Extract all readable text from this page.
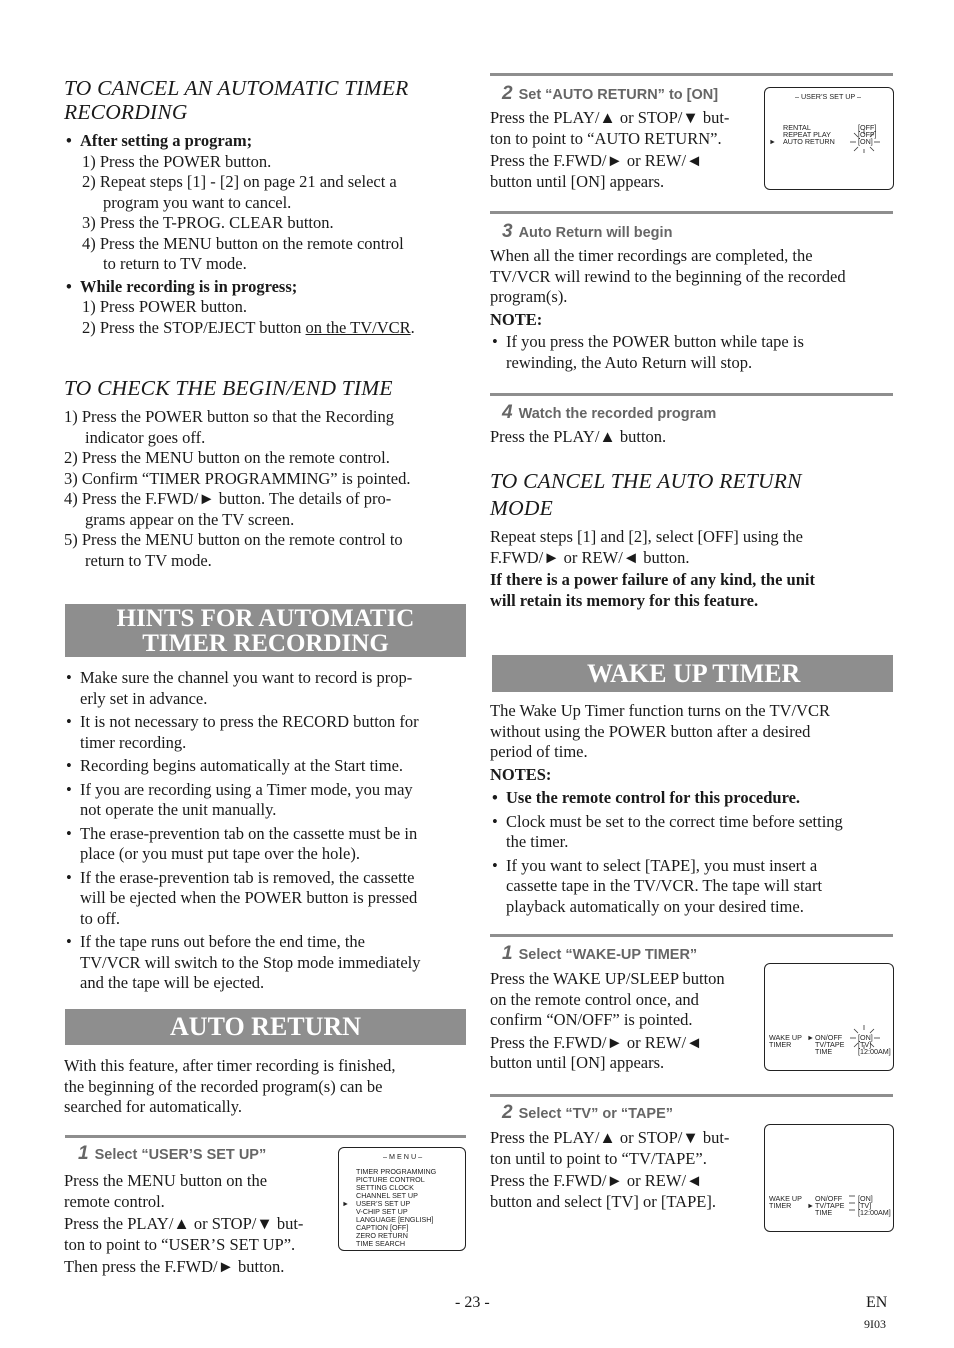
TO CANCEL AN AUTOMATIC TIMER
RECORDING
• After setting a program;
1) Press the POWER button.
2) Repeat steps [1] - [2] on page 21 and select a
program you want to cancel.
3) Press the T-PROG. CLEAR button.
4) Press the MENU button on the remote control
to return to TV mode.
• While recording is in progress;
1) Press POWER button.
2) Press the STOP/EJECT button on the TV/VCR.
TO CHECK THE BEGIN/END TIME
1) Press the POWER button so that the Recording
indicator goes off.
2) Press the MENU button on the remote control.
3) Confirm “TIMER PROGRAMMING” is pointed.
4) Press the F.FWD/► button. The details of pro-
grams appear on the TV screen.
5) Press the MENU button on the remote control to
return to TV mode.
HINTS FOR AUTOMATIC
TIMER RECORDING
• Make sure the channel you want to record is prop-
erly set in advance.
• It is not necessary to press the RECORD button for
timer recording.
• Recording begins automatically at the Start time.
• If you are recording using a Timer mode, you may
not operate the unit manually.
• The erase-prevention tab on the cassette must be in
place (or you must put tape over the hole).
• If the erase-prevention tab is removed, the cassette
will be ejected when the POWER button is pressed
to off.
• If the tape runs out before the end time, the
TV/VCR will switch to the Stop mode immediately
and the tape will be ejected.
AUTO RETURN
With this feature, after timer recording is finished,
the beginning of the recorded program(s) can be
searched for automatically.
1 Select “USER’S SET UP”
Press the MENU button on the
remote control.
Press the PLAY/▲ or STOP/▼ but-
ton to point to “USER’S SET UP”.
Then press the F.FWD/► button.
– M E N U –
TIMER PROGRAMMING
PICTURE CONTROL
SETTING CLOCK
CHANNEL SET UP
► USER’S SET UP
V-CHIP SET UP
LANGUAGE [ENGLISH]
CAPTION [OFF]
ZERO RETURN
TIME SEARCH
2 Set “AUTO RETURN” to [ON]
Press the PLAY/▲ or STOP/▼ but-
ton to point to “AUTO RETURN”.
Press the F.FWD/► or REW/◄
button until [ON] appears.
– USER’S SET UP –
RENTAL
REPEAT PLAY
► AUTO RETURN
[OFF]
[OFF]
[ON]
3 Auto Return will begin
When all the timer recordings are completed, the
TV/VCR will rewind to the beginning of the recorded
program(s).
NOTE:
• If you press the POWER button while tape is
rewinding, the Auto Return will stop.
4 Watch the recorded program
Press the PLAY/▲ button.
TO CANCEL THE AUTO RETURN
MODE
Repeat steps [1] and [2], select [OFF] using the
F.FWD/► or REW/◄ button.
If there is a power failure of any kind, the unit
will retain its memory for this feature.
WAKE UP TIMER
The Wake Up Timer function turns on the TV/VCR
without using the POWER button after a desired
period of time.
NOTES:
• Use the remote control for this procedure.
• Clock must be set to the correct time before setting
the timer.
• If you want to select [TAPE], you must insert a
cassette tape in the TV/VCR. The tape will start
playback automatically on your desired time.
1 Select “WAKE-UP TIMER”
Press the WAKE UP/SLEEP button
on the remote control once, and
confirm “ON/OFF” is pointed.
Press the F.FWD/► or REW/◄
button until [ON] appears.
WAKE UP
TIMER
► ON/OFF
TV/TAPE
TIME
[ON]
[TV]
[12:00AM]
2 Select “TV” or “TAPE”
Press the PLAY/▲ or STOP/▼ but-
ton until to point to “TV/TAPE”.
Press the F.FWD/► or REW/◄
button and select [TV] or [TAPE].	WAKE UP
TIMER ►
ON/OFF
TV/TAPE
TIME
[ON]
[TV]
[12:00AM]
- 23 -	EN
9I03
